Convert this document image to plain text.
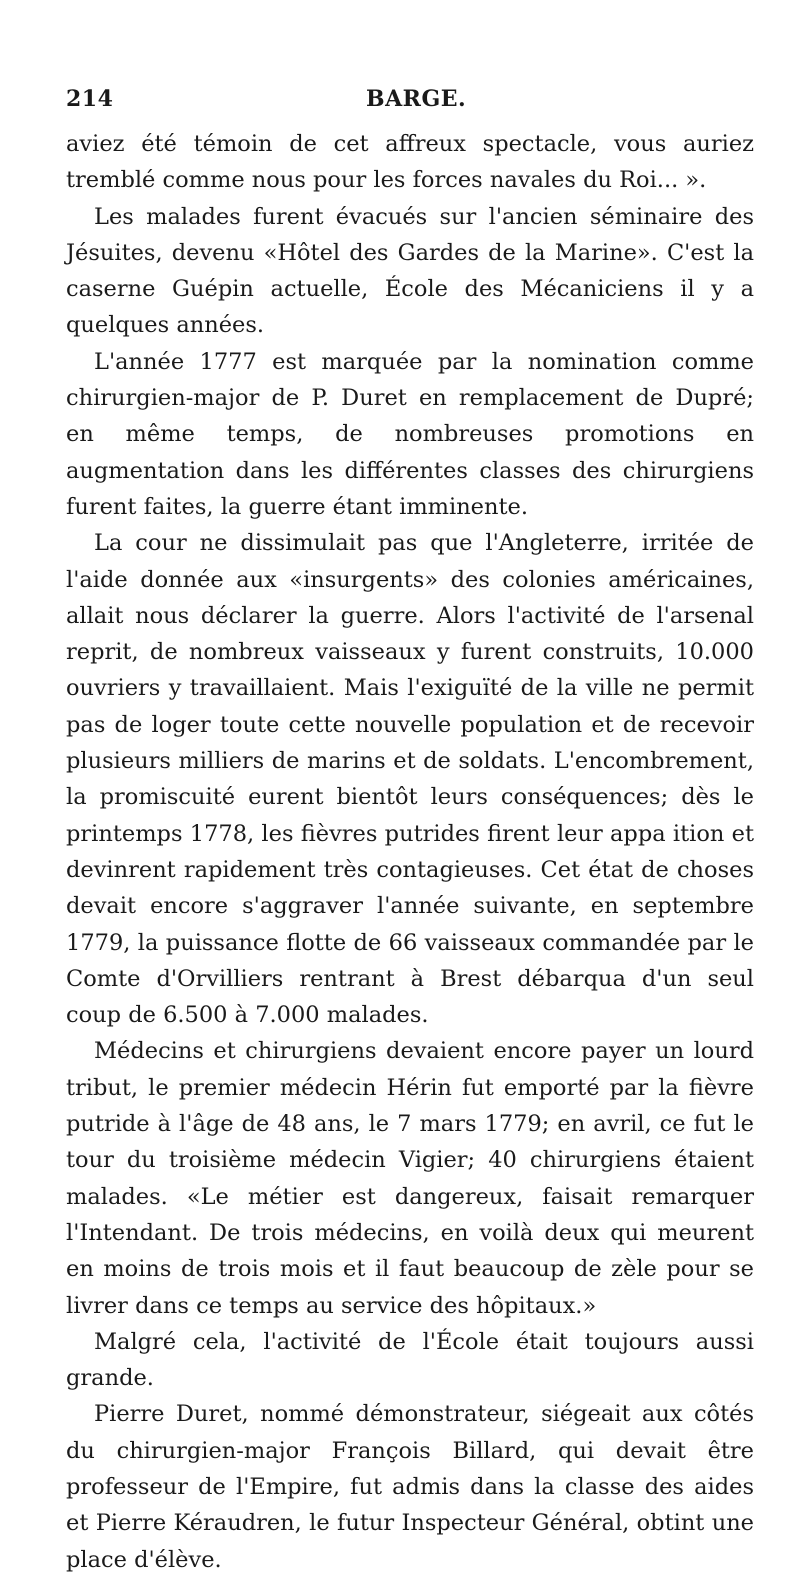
214	BARGE.

aviez été témoin de cet affreux spectacle, vous auriez tremblé comme nous pour les forces navales du Roi... ».

Les malades furent évacués sur l'ancien séminaire des Jésuites, devenu «Hôtel des Gardes de la Marine». C'est la caserne Guépin actuelle, École des Mécaniciens il y a quelques années.

L'année 1777 est marquée par la nomination comme chirurgien-major de P. Duret en remplacement de Dupré; en même temps, de nombreuses promotions en augmentation dans les différentes classes des chirurgiens furent faites, la guerre étant imminente.

La cour ne dissimulait pas que l'Angleterre, irritée de l'aide donnée aux «insurgents» des colonies américaines, allait nous déclarer la guerre. Alors l'activité de l'arsenal reprit, de nombreux vaisseaux y furent construits, 10.000 ouvriers y travaillaient. Mais l'exiguïté de la ville ne permit pas de loger toute cette nouvelle population et de recevoir plusieurs milliers de marins et de soldats. L'encombrement, la promiscuité eurent bientôt leurs conséquences; dès le printemps 1778, les fièvres putrides firent leur appa ition et devinrent rapidement très contagieuses. Cet état de choses devait encore s'aggraver l'année suivante, en septembre 1779, la puissance flotte de 66 vaisseaux commandée par le Comte d'Orvilliers rentrant à Brest débarqua d'un seul coup de 6.500 à 7.000 malades.

Médecins et chirurgiens devaient encore payer un lourd tribut, le premier médecin Hérin fut emporté par la fièvre putride à l'âge de 48 ans, le 7 mars 1779; en avril, ce fut le tour du troisième médecin Vigier; 40 chirurgiens étaient malades. «Le métier est dangereux, faisait remarquer l'Intendant. De trois médecins, en voilà deux qui meurent en moins de trois mois et il faut beaucoup de zèle pour se livrer dans ce temps au service des hôpitaux.»

Malgré cela, l'activité de l'École était toujours aussi grande.

Pierre Duret, nommé démonstrateur, siégeait aux côtés du chirurgien-major François Billard, qui devait être professeur de l'Empire, fut admis dans la classe des aides et Pierre Kéraudren, le futur Inspecteur Général, obtint une place d'élève.
